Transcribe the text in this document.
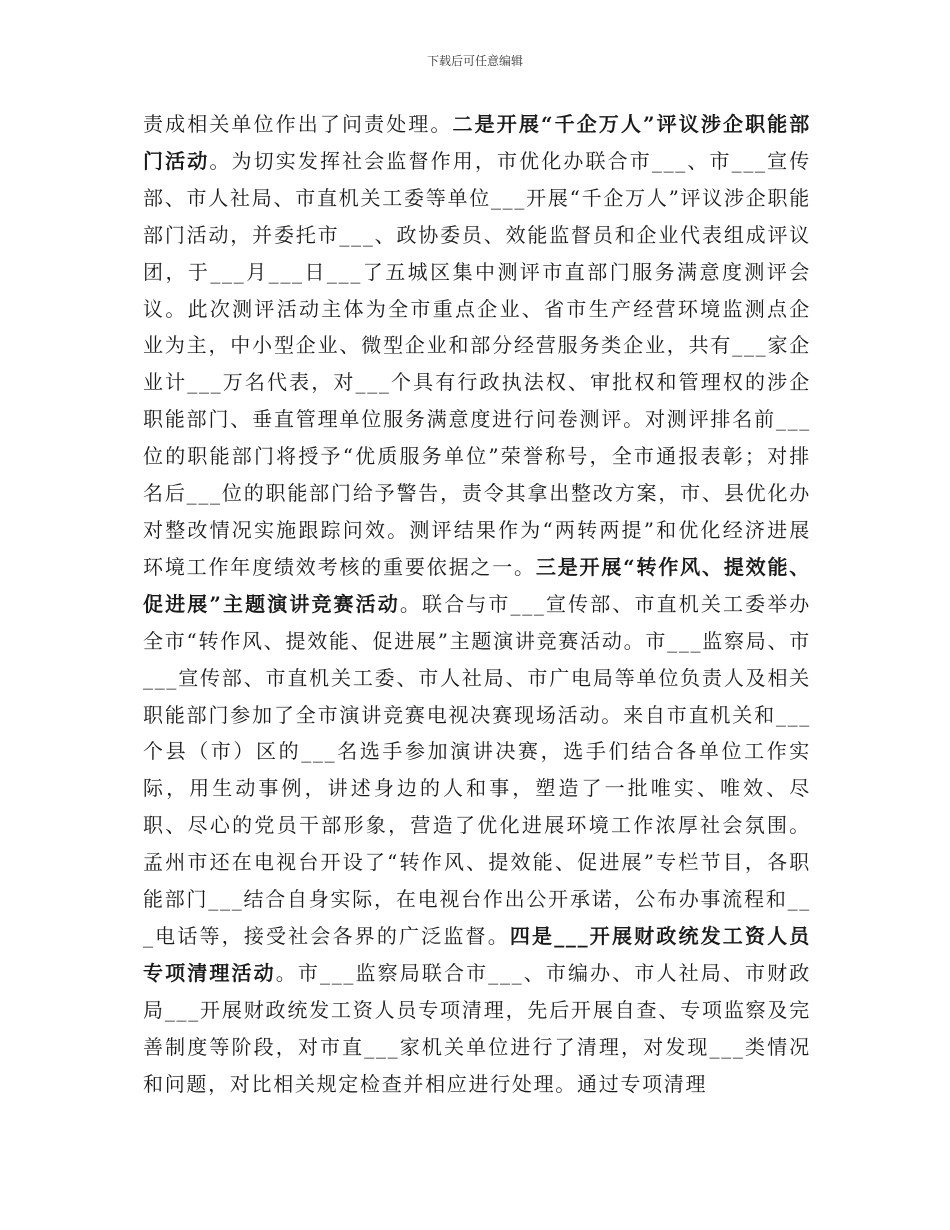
下载后可任意编辑

责成相关单位作出了问责处理。二是开展“千企万人”评议涉企职能部门活动。为切实发挥社会监督作用，市优化办联合市___、市___宣传部、市人社局、市直机关工委等单位___开展“千企万人”评议涉企职能部门活动，并委托市___、政协委员、效能监督员和企业代表组成评议团，于___月___日___了五城区集中测评市直部门服务满意度测评会议。此次测评活动主体为全市重点企业、省市生产经营环境监测点企业为主，中小型企业、微型企业和部分经营服务类企业，共有___家企业计___万名代表，对___个具有行政执法权、审批权和管理权的涉企职能部门、垂直管理单位服务满意度进行问卷测评。对测评排名前___位的职能部门将授予“优质服务单位”荣誉称号，全市通报表彰；对排名后___位的职能部门给予警告，责令其拿出整改方案，市、县优化办对整改情况实施跟踪问效。测评结果作为“两转两提”和优化经济进展环境工作年度绩效考核的重要依据之一。三是开展“转作风、提效能、促进展”主题演讲竞赛活动。联合与市___宣传部、市直机关工委举办全市“转作风、提效能、促进展”主题演讲竞赛活动。市___监察局、市___宣传部、市直机关工委、市人社局、市广电局等单位负责人及相关职能部门参加了全市演讲竞赛电视决赛现场活动。来自市直机关和___个县（市）区的___名选手参加演讲决赛，选手们结合各单位工作实际，用生动事例，讲述身边的人和事，塑造了一批唯实、唯效、尽职、尽心的党员干部形象，营造了优化进展环境工作浓厚社会氛围。孟州市还在电视台开设了“转作风、提效能、促进展”专栏节目，各职能部门___结合自身实际，在电视台作出公开承诺，公布办事流程和___电话等，接受社会各界的广泛监督。四是___开展财政统发工资人员专项清理活动。市___监察局联合市___、市编办、市人社局、市财政局___开展财政统发工资人员专项清理，先后开展自查、专项监察及完善制度等阶段，对市直___家机关单位进行了清理，对发现___类情况和问题，对比相关规定检查并相应进行处理。通过专项清理
